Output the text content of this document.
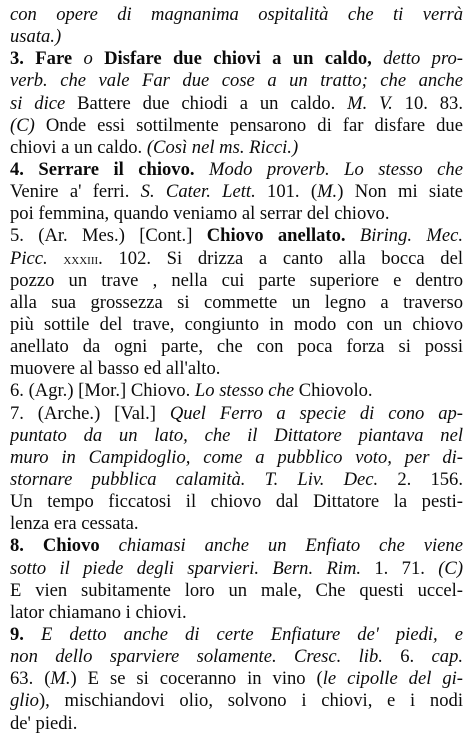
con opere di magnanima ospitalità che ti verrà
usata.)
3. Fare o Disfare due chiovi a un caldo, detto pro-
verb. che vale Far due cose a un tratto; che anche
si dice Battere due chiodi a un caldo. M. V. 10. 83.
(C) Onde essi sottilmente pensarono di far disfare due
chiovi a un caldo. (Così nel ms. Ricci.)
4. Serrare il chiovo. Modo proverb. Lo stesso che
Venire a' ferri. S. Cater. Lett. 101. (M.) Non mi siate
poi femmina, quando veniamo al serrar del chiovo.
5. (Ar. Mes.) [Cont.] Chiovo anellato. Biring. Mec.
Picc. xxxiii. 102. Si drizza a canto alla bocca del
pozzo un trave , nella cui parte superiore e dentro
alla sua grossezza si commette un legno a traverso
più sottile del trave, congiunto in modo con un chiovo
anellato da ogni parte, che con poca forza si possi
muovere al basso ed all'alto.
6. (Agr.) [Mor.] Chiovo. Lo stesso che Chiovolo.
7. (Arche.) [Val.] Quel Ferro a specie di cono ap-
puntato da un lato, che il Dittatore piantava nel
muro in Campidoglio, come a pubblico voto, per di-
stornare pubblica calamità. T. Liv. Dec. 2. 156.
Un tempo ficcatosi il chiovo dal Dittatore la pesti-
lenza era cessata.
8. Chiovo chiamasi anche un Enfiato che viene
sotto il piede degli sparvieri. Bern. Rim. 1. 71. (C)
E vien subitamente loro un male, Che questi uccel-
lator chiamano i chiovi.
9. E detto anche di certe Enfiature de' piedi, e
non dello sparviere solamente. Cresc. lib. 6. cap.
63. (M.) E se si coceranno in vino (le cipolle del gi-
glio), mischiandovi olio, solvono i chiovi, e i nodi
de' piedi.
